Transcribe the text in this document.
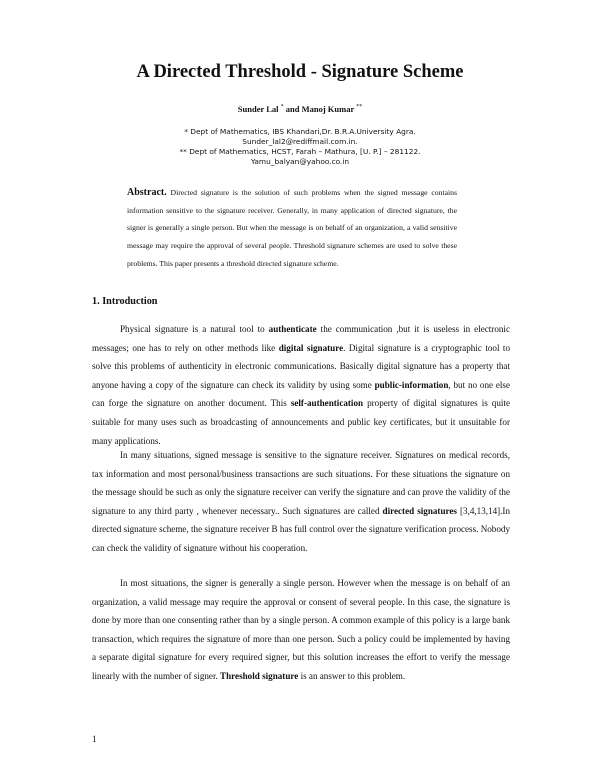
A Directed Threshold - Signature Scheme
Sunder Lal * and Manoj Kumar **
* Dept of Mathematics, IBS Khandari,Dr. B.R.A.University Agra.
Sunder_lal2@rediffmail.com.in.
** Dept of Mathematics, HCST, Farah – Mathura, [U. P.] – 281122.
Yamu_balyan@yahoo.co.in
Abstract. Directed signature is the solution of such problems when the signed message contains information sensitive to the signature receiver. Generally, in many application of directed signature, the signer is generally a single person. But when the message is on behalf of an organization, a valid sensitive message may require the approval of several people. Threshold signature schemes are used to solve these problems. This paper presents a threshold directed signature scheme.
1. Introduction

Physical signature is a natural tool to authenticate the communication ,but it is useless in electronic messages; one has to rely on other methods like digital signature. Digital signature is a cryptographic tool to solve this problems of authenticity in electronic communications. Basically digital signature has a property that anyone having a copy of the signature can check its validity by using some public-information, but no one else can forge the signature on another document. This self-authentication property of digital signatures is quite suitable for many uses such as broadcasting of announcements and public key certificates, but it unsuitable for many applications.

In many situations, signed message is sensitive to the signature receiver. Signatures on medical records, tax information and most personal/business transactions are such situations. For these situations the signature on the message should be such as only the signature receiver can verify the signature and can prove the validity of the signature to any third party , whenever necessary.. Such signatures are called directed signatures [3,4,13,14].In directed signature scheme, the signature receiver B has full control over the signature verification process. Nobody can check the validity of signature without his cooperation.

In most situations, the signer is generally a single person. However when the message is on behalf of an organization, a valid message may require the approval or consent of several people. In this case, the signature is done by more than one consenting rather than by a single person. A common example of this policy is a large bank transaction, which requires the signature of more than one person. Such a policy could be implemented by having a separate digital signature for every required signer, but this solution increases the effort to verify the message linearly with the number of signer. Threshold signature is an answer to this problem.

1
